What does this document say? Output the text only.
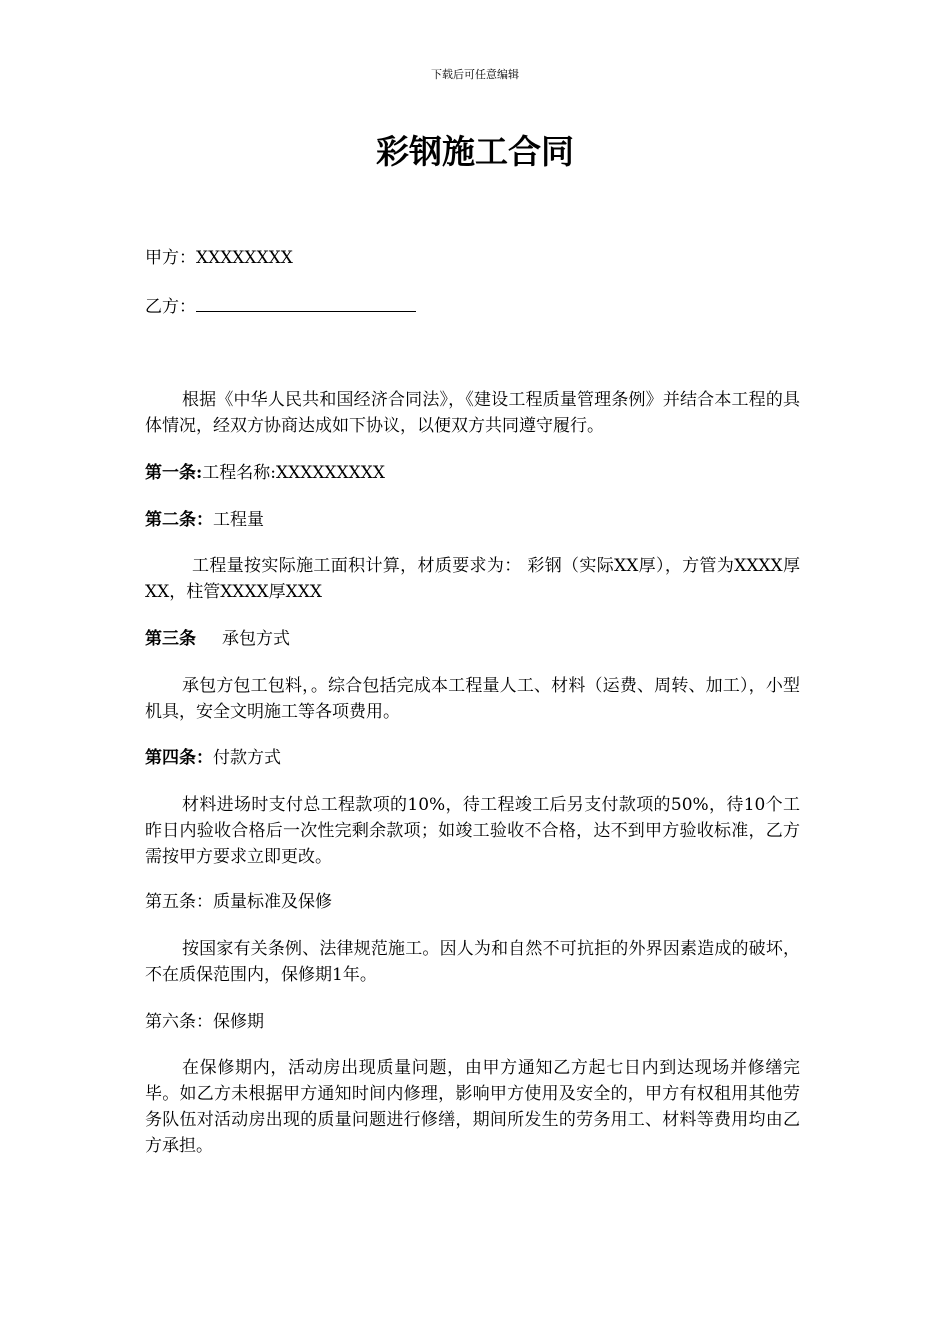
下载后可任意编辑
彩钢施工合同
甲方：XXXXXXXX
乙方：

根据《中华人民共和国经济合同法》，《建设工程质量管理条例》并结合本工程的具体情况，经双方协商达成如下协议，以便双方共同遵守履行。

第一条:工程名称:XXXXXXXXX
第二条：工程量

工程量按实际施工面积计算，材质要求为： 彩钢（实际XX厚），方管为XXXX厚XX，柱管XXXX厚XXX

第三条 承包方式

承包方包工包料，。综合包括完成本工程量人工、材料（运费、周转、加工），小型机具，安全文明施工等各项费用。

第四条：付款方式

材料进场时支付总工程款项的10%，待工程竣工后另支付款项的50%，待10个工昨日内验收合格后一次性完剩余款项；如竣工验收不合格，达不到甲方验收标准，乙方需按甲方要求立即更改。

第五条：质量标准及保修

按国家有关条例、法律规范施工。因人为和自然不可抗拒的外界因素造成的破坏，不在质保范围内，保修期1年。

第六条：保修期

在保修期内，活动房出现质量问题，由甲方通知乙方起七日内到达现场并修缮完毕。如乙方未根据甲方通知时间内修理，影响甲方使用及安全的，甲方有权租用其他劳务队伍对活动房出现的质量问题进行修缮，期间所发生的劳务用工、材料等费用均由乙方承担。
